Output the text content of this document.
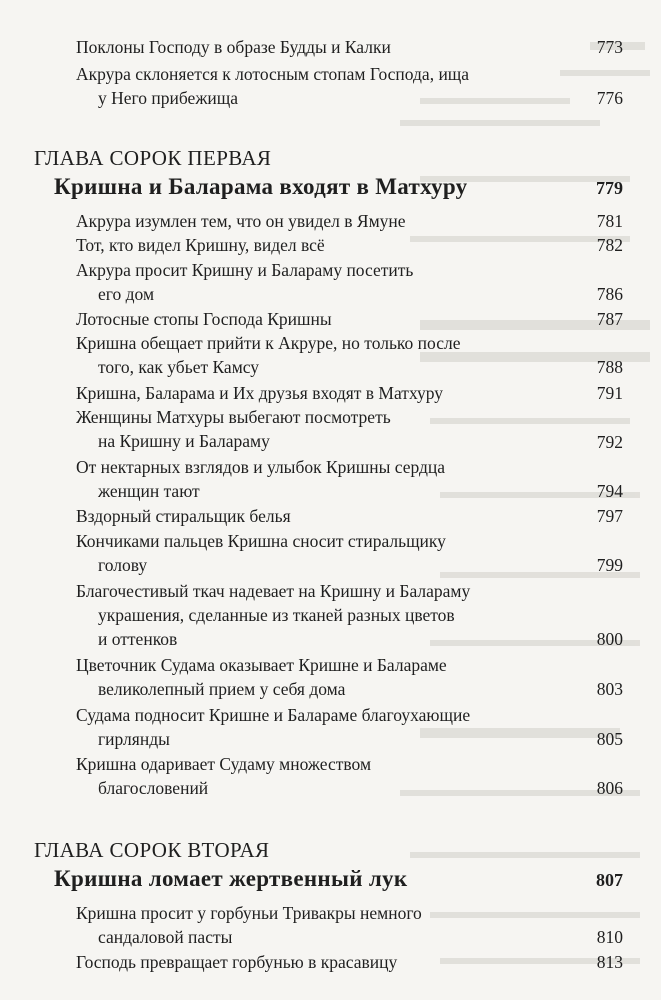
Поклоны Господу в образе Будды и Калки	773
Акрура склоняется к лотосным стопам Господа, ища
у Него прибежища	776
ГЛАВА СОРОК ПЕРВАЯ
Кришна и Баларама входят в Матхуру	779
Акрура изумлен тем, что он увидел в Ямуне	781
Тот, кто видел Кришну, видел всё	782
Акрура просит Кришну и Балараму посетить
его дом	786
Лотосные стопы Господа Кришны	787
Кришна обещает прийти к Акруре, но только после
того, как убьет Камсу	788
Кришна, Баларама и Их друзья входят в Матхуру	791
Женщины Матхуры выбегают посмотреть
на Кришну и Балараму	792
От нектарных взглядов и улыбок Кришны сердца
женщин тают	794
Вздорный стиральщик белья	797
Кончиками пальцев Кришна сносит стиральщику
голову	799
Благочестивый ткач надевает на Кришну и Балараму
украшения, сделанные из тканей разных цветов
и оттенков	800
Цветочник Судама оказывает Кришне и Балараме
великолепный прием у себя дома	803
Судама подносит Кришне и Балараме благоухающие
гирлянды	805
Кришна одаривает Судаму множеством
благословений	806
ГЛАВА СОРОК ВТОРАЯ
Кришна ломает жертвенный лук	807
Кришна просит у горбуньи Тривакры немного
сандаловой пасты	810
Господь превращает горбунью в красавицу	813
